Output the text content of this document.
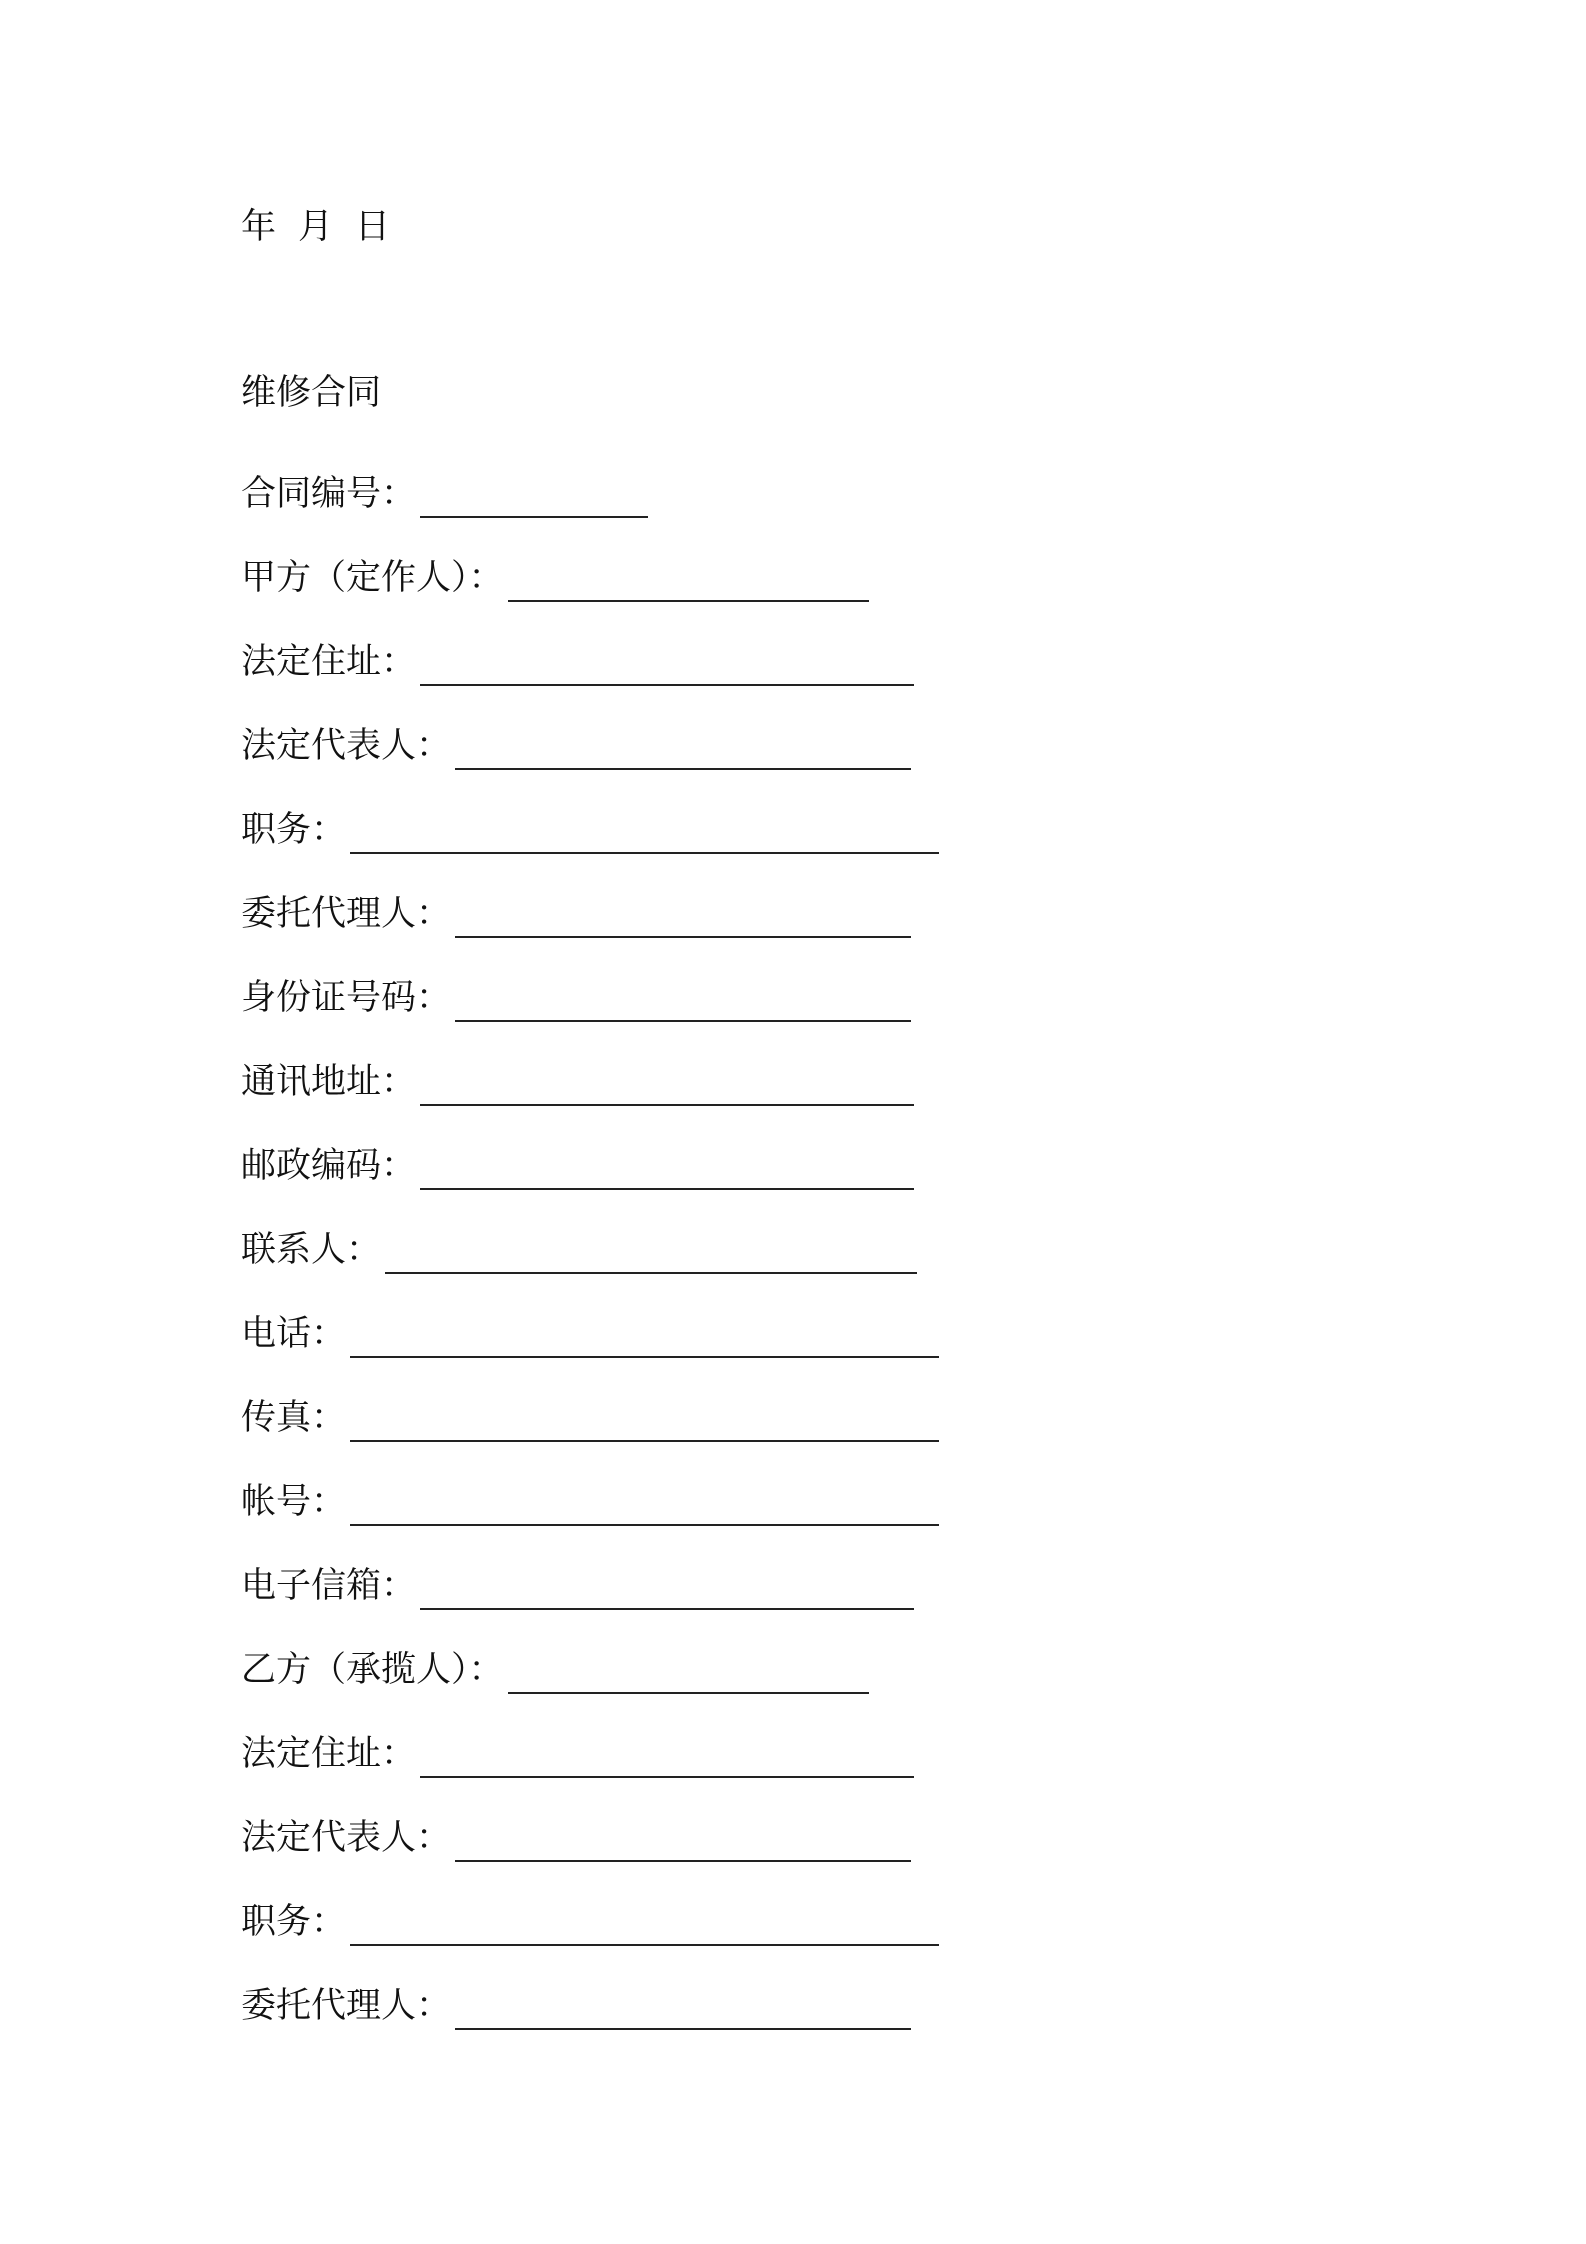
年 月 日
维修合同
合同编号：
甲方（定作人）：
法定住址：
法定代表人：
职务：
委托代理人：
身份证号码：
通讯地址：
邮政编码：
联系人：
电话：
传真：
帐号：
电子信箱：
乙方（承揽人）：
法定住址：
法定代表人：
职务：
委托代理人：
